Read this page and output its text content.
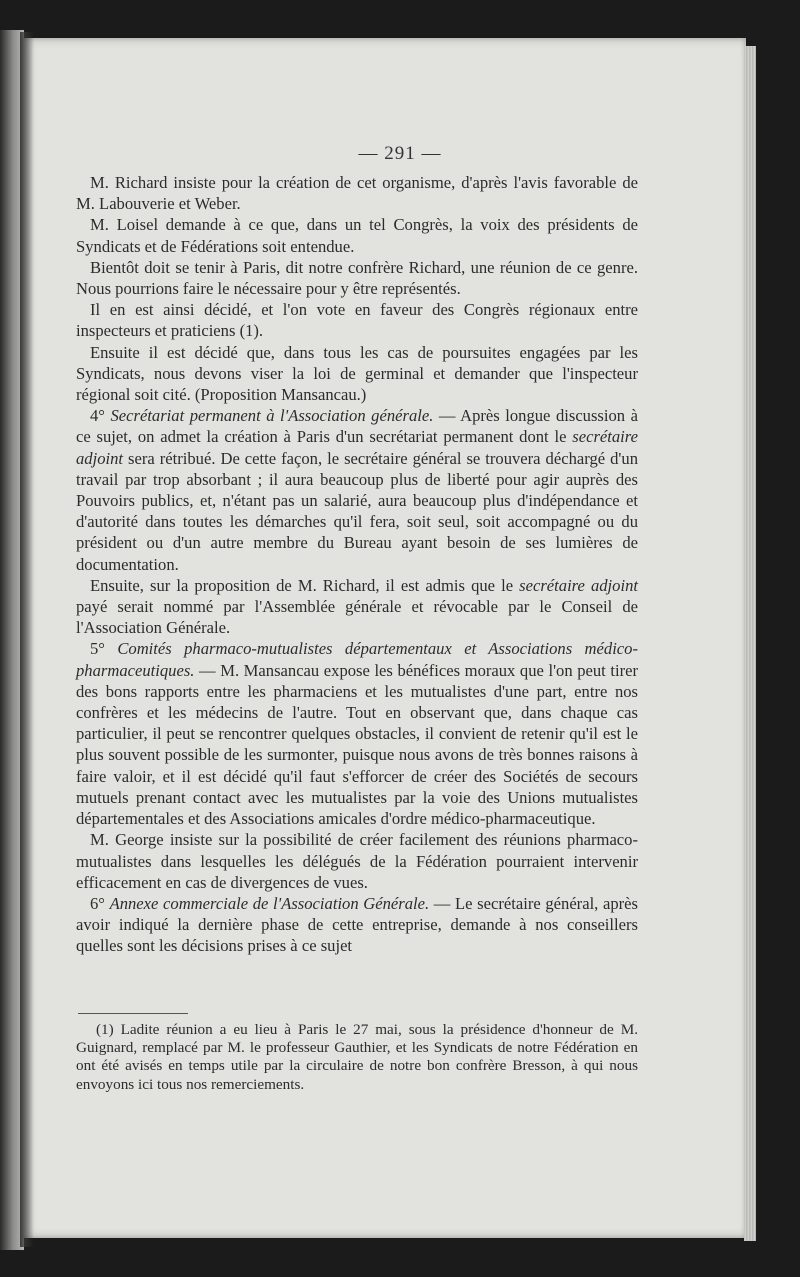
— 291 —

M. Richard insiste pour la création de cet organisme, d'après l'avis favorable de M. Labouverie et Weber.

M. Loisel demande à ce que, dans un tel Congrès, la voix des présidents de Syndicats et de Fédérations soit entendue.

Bientôt doit se tenir à Paris, dit notre confrère Richard, une réunion de ce genre. Nous pourrions faire le nécessaire pour y être représentés.

Il en est ainsi décidé, et l'on vote en faveur des Congrès régionaux entre inspecteurs et praticiens (1).

Ensuite il est décidé que, dans tous les cas de poursuites engagées par les Syndicats, nous devons viser la loi de germinal et demander que l'inspecteur régional soit cité. (Proposition Mansancau.)

4° Secrétariat permanent à l'Association générale. — Après longue discussion à ce sujet, on admet la création à Paris d'un secrétariat permanent dont le secrétaire adjoint sera rétribué. De cette façon, le secrétaire général se trouvera déchargé d'un travail par trop absorbant ; il aura beaucoup plus de liberté pour agir auprès des Pouvoirs publics, et, n'étant pas un salarié, aura beaucoup plus d'indépendance et d'autorité dans toutes les démarches qu'il fera, soit seul, soit accompagné ou du président ou d'un autre membre du Bureau ayant besoin de ses lumières de documentation.

Ensuite, sur la proposition de M. Richard, il est admis que le secrétaire adjoint payé serait nommé par l'Assemblée générale et révocable par le Conseil de l'Association Générale.

5° Comités pharmaco-mutualistes départementaux et Associations médico-pharmaceutiques. — M. Mansancau expose les bénéfices moraux que l'on peut tirer des bons rapports entre les pharmaciens et les mutualistes d'une part, entre nos confrères et les médecins de l'autre. Tout en observant que, dans chaque cas particulier, il peut se rencontrer quelques obstacles, il convient de retenir qu'il est le plus souvent possible de les surmonter, puisque nous avons de très bonnes raisons à faire valoir, et il est décidé qu'il faut s'efforcer de créer des Sociétés de secours mutuels prenant contact avec les mutualistes par la voie des Unions mutualistes départementales et des Associations amicales d'ordre médico-pharmaceutique.

M. George insiste sur la possibilité de créer facilement des réunions pharmaco-mutualistes dans lesquelles les délégués de la Fédération pourraient intervenir efficacement en cas de divergences de vues.

6° Annexe commerciale de l'Association Générale. — Le secrétaire général, après avoir indiqué la dernière phase de cette entreprise, demande à nos conseillers quelles sont les décisions prises à ce sujet

(1) Ladite réunion a eu lieu à Paris le 27 mai, sous la présidence d'honneur de M. Guignard, remplacé par M. le professeur Gauthier, et les Syndicats de notre Fédération en ont été avisés en temps utile par la circulaire de notre bon confrère Bresson, à qui nous envoyons ici tous nos remerciements.
